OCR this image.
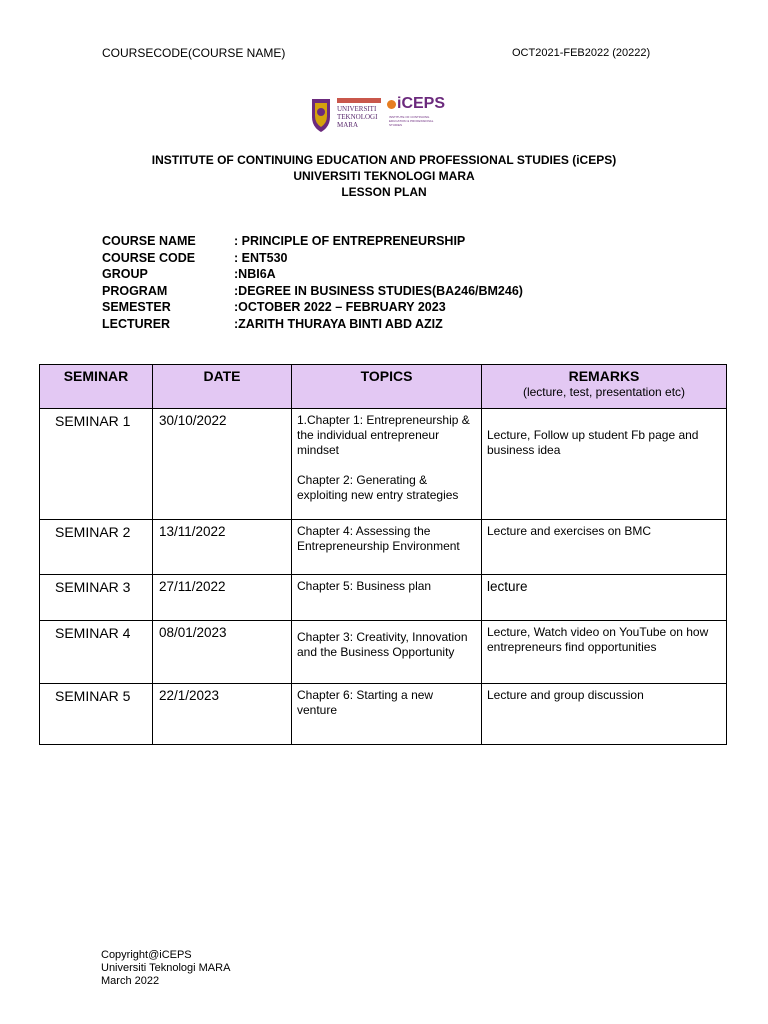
COURSECODE(COURSE NAME)	OCT2021-FEB2022 (20222)
UNIVERSITI
TEKNOLOGI
MARA
iCEPS
INSTITUTE OF CONTINUING EDUCATION & PROFESSIONAL STUDIES
INSTITUTE OF CONTINUING EDUCATION AND PROFESSIONAL STUDIES (iCEPS)
UNIVERSITI TEKNOLOGI MARA
LESSON PLAN
COURSE NAME	: PRINCIPLE OF ENTREPRENEURSHIP
COURSE CODE	: ENT530
GROUP	:NBI6A
PROGRAM	:DEGREE IN BUSINESS STUDIES(BA246/BM246)
SEMESTER	:OCTOBER 2022 – FEBRUARY 2023
LECTURER	:ZARITH THURAYA BINTI ABD AZIZ
SEMINAR	DATE	TOPICS	REMARKS
(lecture, test, presentation etc)

SEMINAR 1	30/10/2022	1.Chapter 1: Entrepreneurship & the individual entrepreneur mindset
Chapter 2: Generating & exploiting new entry strategies	Lecture, Follow up student Fb page and business idea

SEMINAR 2	13/11/2022	Chapter 4: Assessing the Entrepreneurship Environment	Lecture and exercises on BMC

SEMINAR 3	27/11/2022	Chapter 5: Business plan	lecture

SEMINAR 4	08/01/2023	Chapter 3: Creativity, Innovation and the Business Opportunity	Lecture, Watch video on YouTube on how entrepreneurs find opportunities

SEMINAR 5	22/1/2023	Chapter 6: Starting a new venture	Lecture and group discussion
Copyright@iCEPS
Universiti Teknologi MARA
March 2022
